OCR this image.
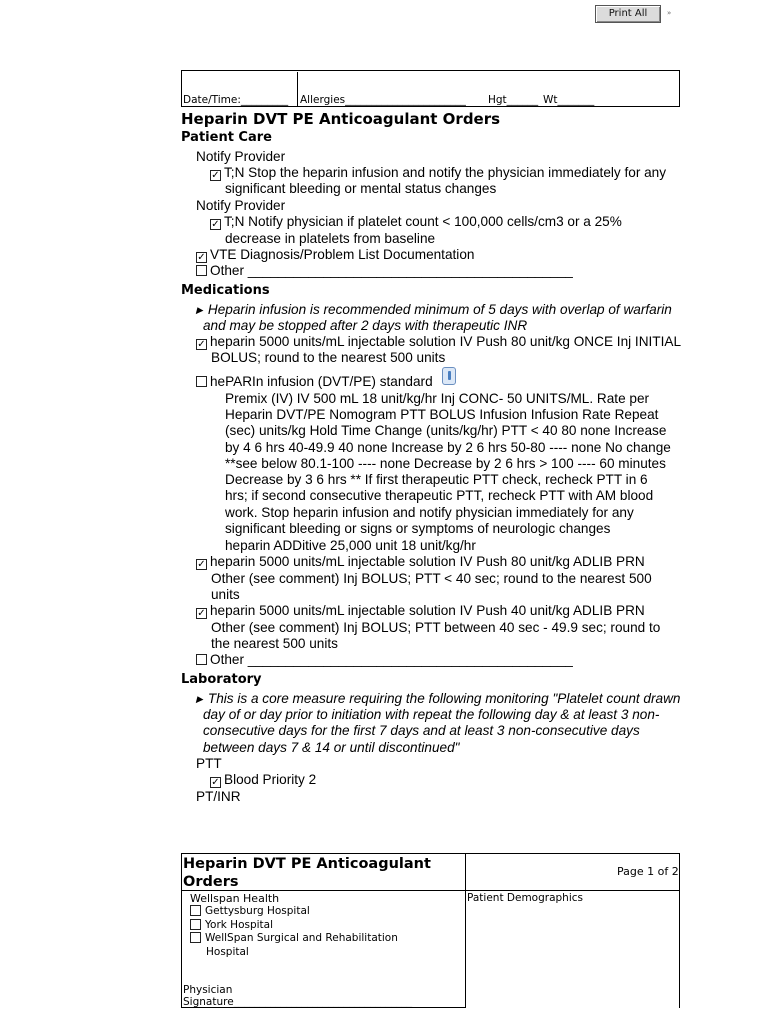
Print All	»
Date/Time:_________ Allergies_______________________ Hgt______ Wt_______
Heparin DVT PE Anticoagulant Orders
Patient Care
Notify Provider
✓ T;N Stop the heparin infusion and notify the physician immediately for any
significant bleeding or mental status changes
Notify Provider
✓ T;N Notify physician if platelet count < 100,000 cells/cm3 or a 25%
decrease in platelets from baseline
✓ VTE Diagnosis/Problem List Documentation
Other ___________________________________________
Medications
▶ Heparin infusion is recommended minimum of 5 days with overlap of warfarin
and may be stopped after 2 days with therapeutic INR
✓ heparin 5000 units/mL injectable solution IV Push 80 unit/kg ONCE Inj INITIAL
BOLUS; round to the nearest 500 units
hePARIn infusion (DVT/PE) standard
Premix (IV) IV 500 mL 18 unit/kg/hr Inj CONC- 50 UNITS/ML. Rate per
Heparin DVT/PE Nomogram PTT BOLUS Infusion Infusion Rate Repeat
(sec) units/kg Hold Time Change (units/kg/hr) PTT < 40 80 none Increase
by 4 6 hrs 40-49.9 40 none Increase by 2 6 hrs 50-80 ---- none No change
**see below 80.1-100 ---- none Decrease by 2 6 hrs > 100 ---- 60 minutes
Decrease by 3 6 hrs ** If first therapeutic PTT check, recheck PTT in 6
hrs; if second consecutive therapeutic PTT, recheck PTT with AM blood
work. Stop heparin infusion and notify physician immediately for any
significant bleeding or signs or symptoms of neurologic changes
heparin ADDitive 25,000 unit 18 unit/kg/hr
✓ heparin 5000 units/mL injectable solution IV Push 80 unit/kg ADLIB PRN
Other (see comment) Inj BOLUS; PTT < 40 sec; round to the nearest 500
units
✓ heparin 5000 units/mL injectable solution IV Push 40 unit/kg ADLIB PRN
Other (see comment) Inj BOLUS; PTT between 40 sec - 49.9 sec; round to
the nearest 500 units
Other ___________________________________________
Laboratory
▶ This is a core measure requiring the following monitoring "Platelet count drawn
day of or day prior to initiation with repeat the following day & at least 3 non-
consecutive days for the first 7 days and at least 3 non-consecutive days
between days 7 & 14 or until discontinued"
PTT
✓ Blood Priority 2
PT/INR
Heparin DVT PE Anticoagulant Orders
Page 1 of 2
Wellspan Health
Gettysburg Hospital
York Hospital
WellSpan Surgical and Rehabilitation
Hospital
Patient Demographics
Physician
Signature__________________________________
